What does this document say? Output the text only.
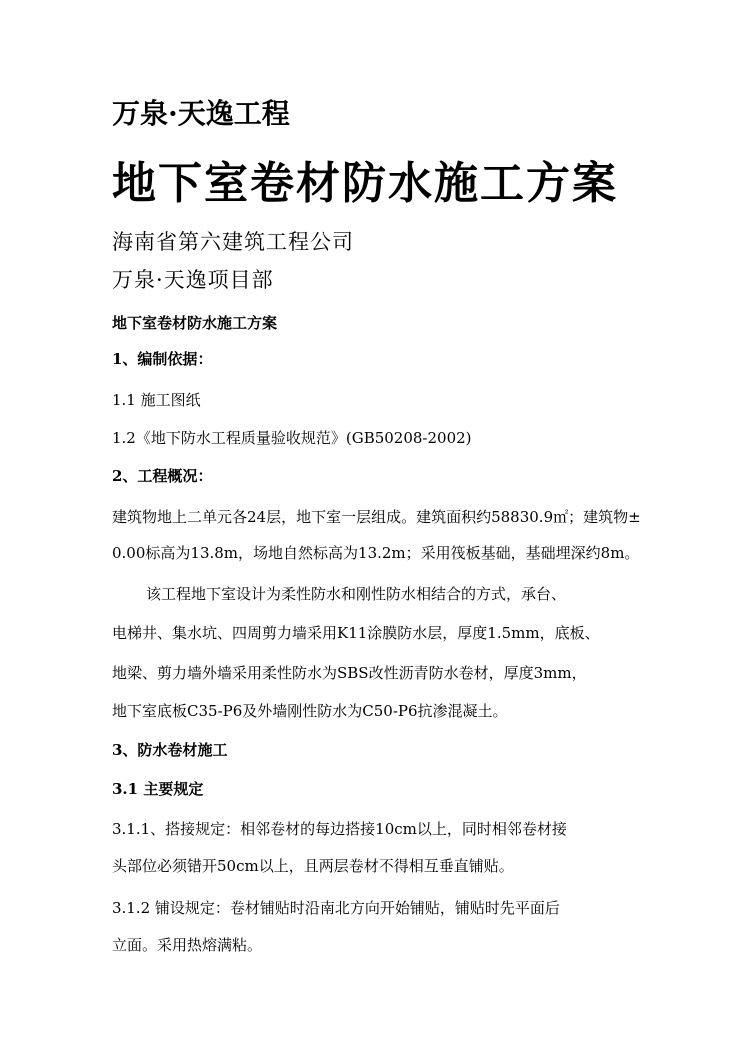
万泉·天逸工程
地下室卷材防水施工方案
海南省第六建筑工程公司
万泉·天逸项目部
地下室卷材防水施工方案
1、编制依据：
1.1 施工图纸
1.2《地下防水工程质量验收规范》(GB50208-2002)
2、工程概况：
建筑物地上二单元各24层，地下室一层组成。建筑面积约58830.9㎡；建筑物±
0.00标高为13.8m，场地自然标高为13.2m；采用筏板基础，基础埋深约8m。
该工程地下室设计为柔性防水和刚性防水相结合的方式，承台、
电梯井、集水坑、四周剪力墙采用K11涂膜防水层，厚度1.5mm，底板、
地梁、剪力墙外墙采用柔性防水为SBS改性沥青防水卷材，厚度3mm，
地下室底板C35-P6及外墙刚性防水为C50-P6抗渗混凝土。
3、防水卷材施工
3.1 主要规定
3.1.1、搭接规定：相邻卷材的每边搭接10cm以上，同时相邻卷材接
头部位必须错开50cm以上，且两层卷材不得相互垂直铺贴。
3.1.2 铺设规定：卷材铺贴时沿南北方向开始铺贴，铺贴时先平面后
立面。采用热熔满粘。
